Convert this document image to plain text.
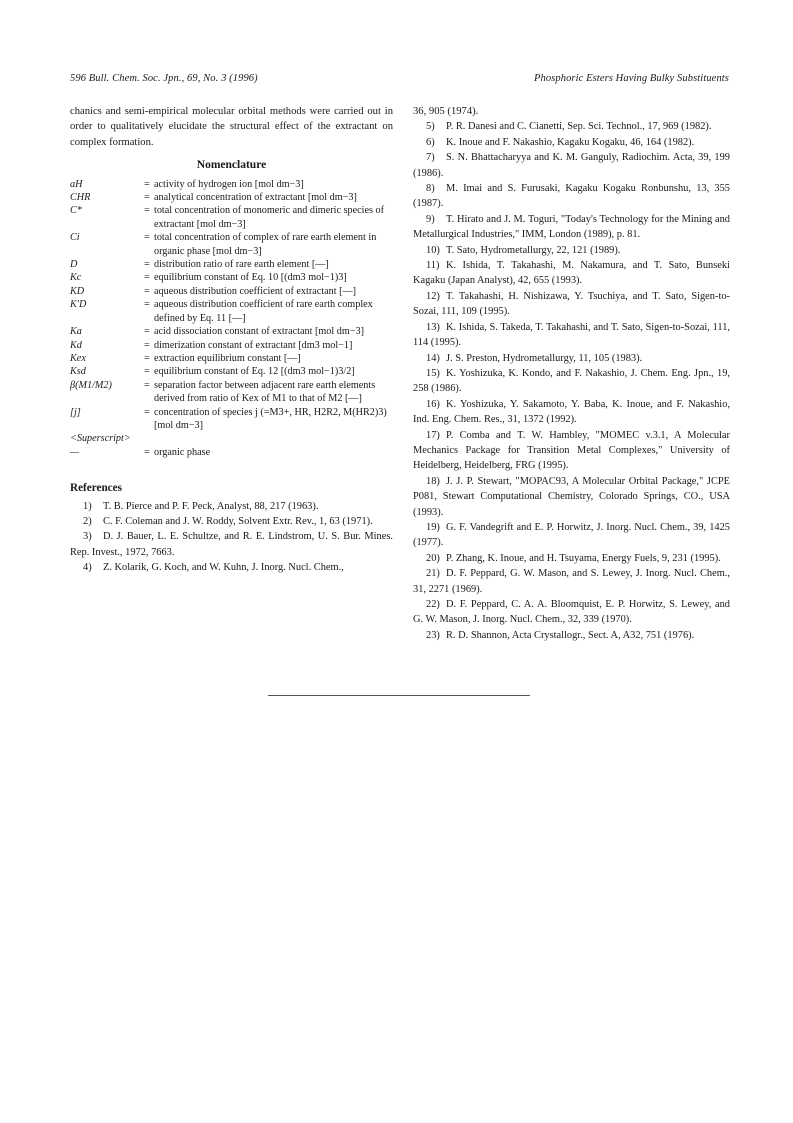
596 Bull. Chem. Soc. Jpn., 69, No. 3 (1996)	Phosphoric Esters Having Bulky Substituents

chanics and semi-empirical molecular orbital methods were carried out in order to qualitatively elucidate the structural effect of the extractant on complex formation.

Nomenclature
aH	= activity of hydrogen ion [mol dm−3]
CHR	= analytical concentration of extractant [mol dm−3]
C*	= total concentration of monomeric and dimeric species of extractant [mol dm−3]
Ci	= total concentration of complex of rare earth element in organic phase [mol dm−3]
D	= distribution ratio of rare earth element [—]
Kc	= equilibrium constant of Eq. 10 [(dm3 mol−1)3]
KD	= aqueous distribution coefficient of extractant [—]
K'D	= aqueous distribution coefficient of rare earth complex defined by Eq. 11 [—]
Ka	= acid dissociation constant of extractant [mol dm−3]
Kd	= dimerization constant of extractant [dm3 mol−1]
Kex	= extraction equilibrium constant [—]
Ksd	= equilibrium constant of Eq. 12 [(dm3 mol−1)3/2]
β(M1/M2)	= separation factor between adjacent rare earth elements derived from ratio of Kex of M1 to that of M2 [—]
[j]	= concentration of species j (=M3+, HR, H2R2, M(HR2)3) [mol dm−3]
<Superscript>
—	= organic phase
References

1) T. B. Pierce and P. F. Peck, Analyst, 88, 217 (1963).

2) C. F. Coleman and J. W. Roddy, Solvent Extr. Rev., 1, 63 (1971).

3) D. J. Bauer, L. E. Schultze, and R. E. Lindstrom, U. S. Bur. Mines. Rep. Invest., 1972, 7663.

4) Z. Kolarik, G. Koch, and W. Kuhn, J. Inorg. Nucl. Chem.,

36, 905 (1974).

5) P. R. Danesi and C. Cianetti, Sep. Sci. Technol., 17, 969 (1982).

6) K. Inoue and F. Nakashio, Kagaku Kogaku, 46, 164 (1982).

7) S. N. Bhattacharyya and K. M. Ganguly, Radiochim. Acta, 39, 199 (1986).

8) M. Imai and S. Furusaki, Kagaku Kogaku Ronbunshu, 13, 355 (1987).

9) T. Hirato and J. M. Toguri, "Today's Technology for the Mining and Metallurgical Industries," IMM, London (1989), p. 81.

10) T. Sato, Hydrometallurgy, 22, 121 (1989).

11) K. Ishida, T. Takahashi, M. Nakamura, and T. Sato, Bunseki Kagaku (Japan Analyst), 42, 655 (1993).

12) T. Takahashi, H. Nishizawa, Y. Tsuchiya, and T. Sato, Sigen-to-Sozai, 111, 109 (1995).

13) K. Ishida, S. Takeda, T. Takahashi, and T. Sato, Sigen-to-Sozai, 111, 114 (1995).

14) J. S. Preston, Hydrometallurgy, 11, 105 (1983).

15) K. Yoshizuka, K. Kondo, and F. Nakashio, J. Chem. Eng. Jpn., 19, 258 (1986).

16) K. Yoshizuka, Y. Sakamoto, Y. Baba, K. Inoue, and F. Nakashio, Ind. Eng. Chem. Res., 31, 1372 (1992).

17) P. Comba and T. W. Hambley, "MOMEC v.3.1, A Molecular Mechanics Package for Transition Metal Complexes," University of Heidelberg, Heidelberg, FRG (1995).

18) J. J. P. Stewart, "MOPAC93, A Molecular Orbital Package," JCPE P081, Stewart Computational Chemistry, Colorado Springs, CO., USA (1993).

19) G. F. Vandegrift and E. P. Horwitz, J. Inorg. Nucl. Chem., 39, 1425 (1977).

20) P. Zhang, K. Inoue, and H. Tsuyama, Energy Fuels, 9, 231 (1995).

21) D. F. Peppard, G. W. Mason, and S. Lewey, J. Inorg. Nucl. Chem., 31, 2271 (1969).

22) D. F. Peppard, C. A. A. Bloomquist, E. P. Horwitz, S. Lewey, and G. W. Mason, J. Inorg. Nucl. Chem., 32, 339 (1970).

23) R. D. Shannon, Acta Crystallogr., Sect. A, A32, 751 (1976).
